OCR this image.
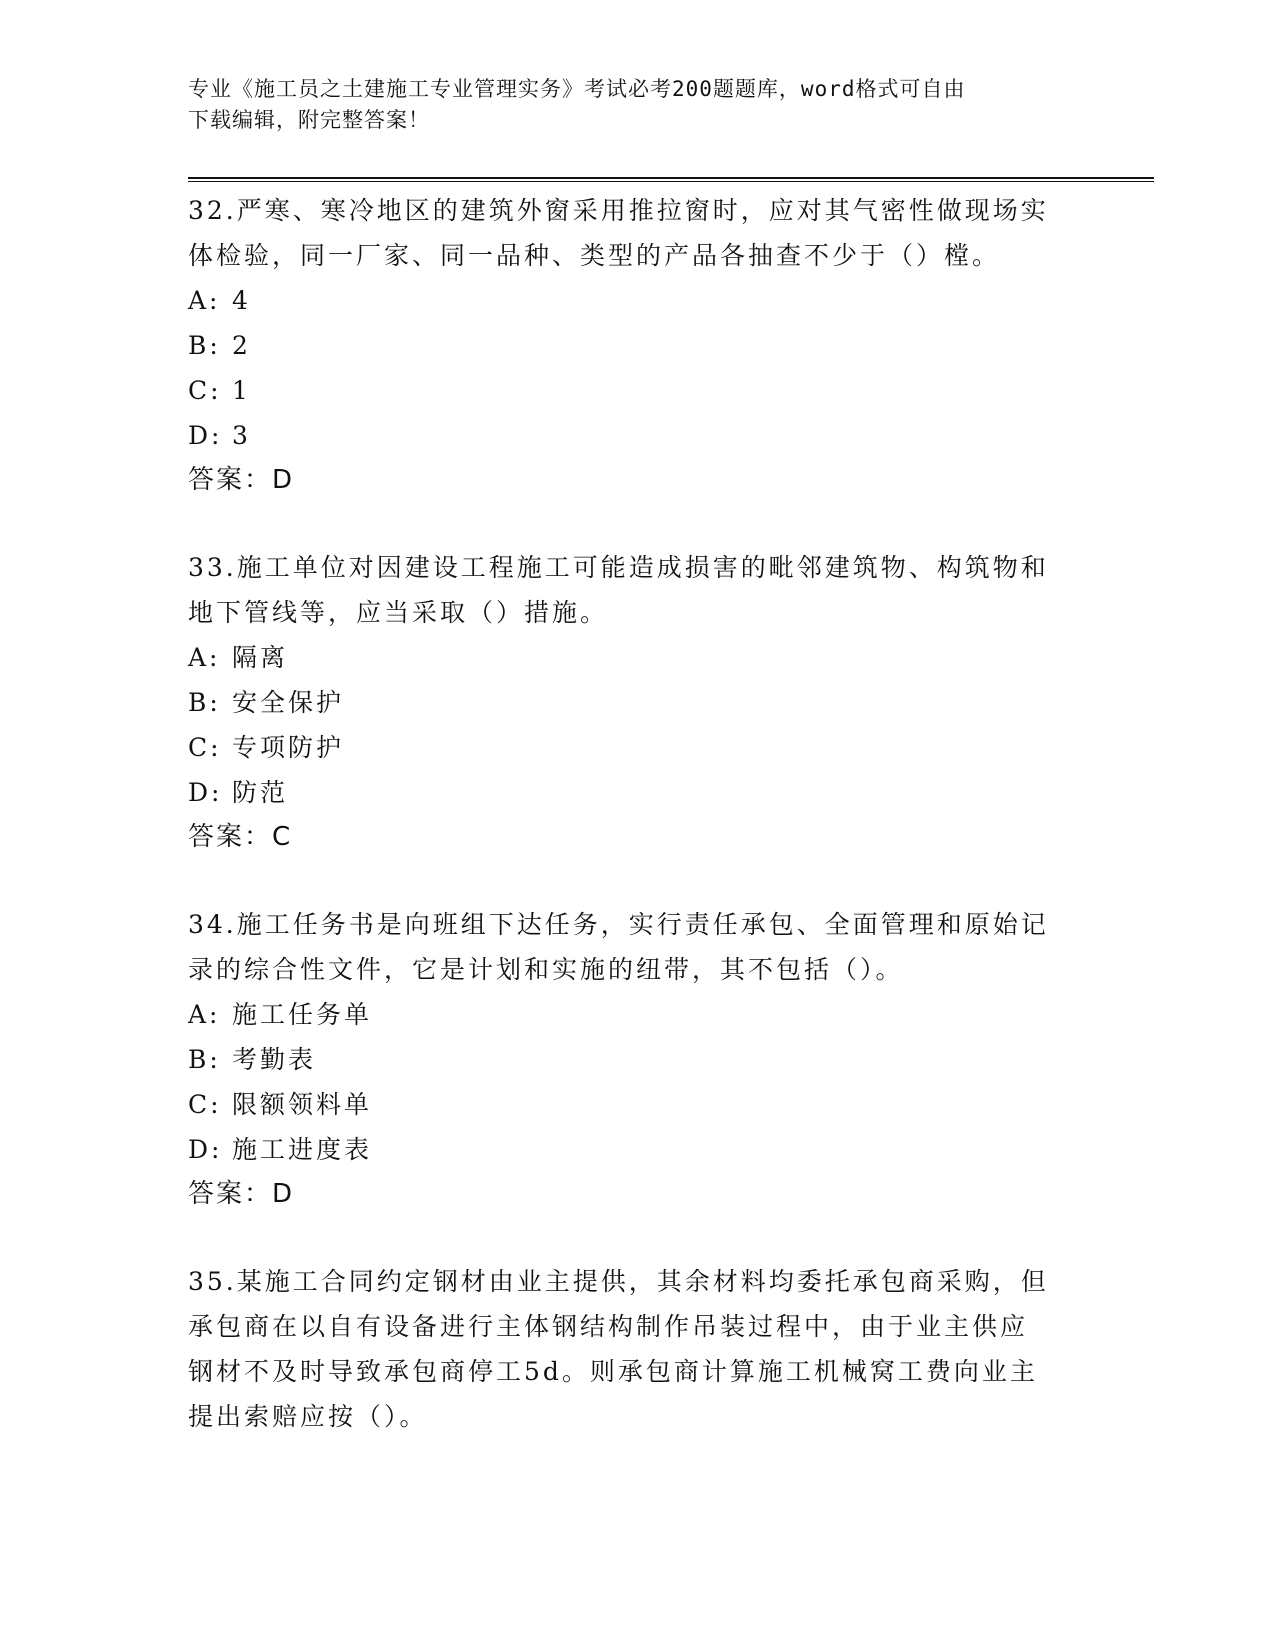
专业《施工员之土建施工专业管理实务》考试必考200题题库，word格式可自由
下载编辑，附完整答案！

32.严寒、寒冷地区的建筑外窗采用推拉窗时，应对其气密性做现场实
体检验，同一厂家、同一品种、类型的产品各抽查不少于（）樘。

A: 4
B: 2
C: 1
D: 3
答案：D

33.施工单位对因建设工程施工可能造成损害的毗邻建筑物、构筑物和
地下管线等，应当采取（）措施。

A: 隔离
B: 安全保护
C: 专项防护
D: 防范
答案：C

34.施工任务书是向班组下达任务，实行责任承包、全面管理和原始记
录的综合性文件，它是计划和实施的纽带，其不包括（）。

A: 施工任务单
B: 考勤表
C: 限额领料单
D: 施工进度表
答案：D

35.某施工合同约定钢材由业主提供，其余材料均委托承包商采购，但
承包商在以自有设备进行主体钢结构制作吊装过程中，由于业主供应
钢材不及时导致承包商停工5d。则承包商计算施工机械窝工费向业主
提出索赔应按（）。
